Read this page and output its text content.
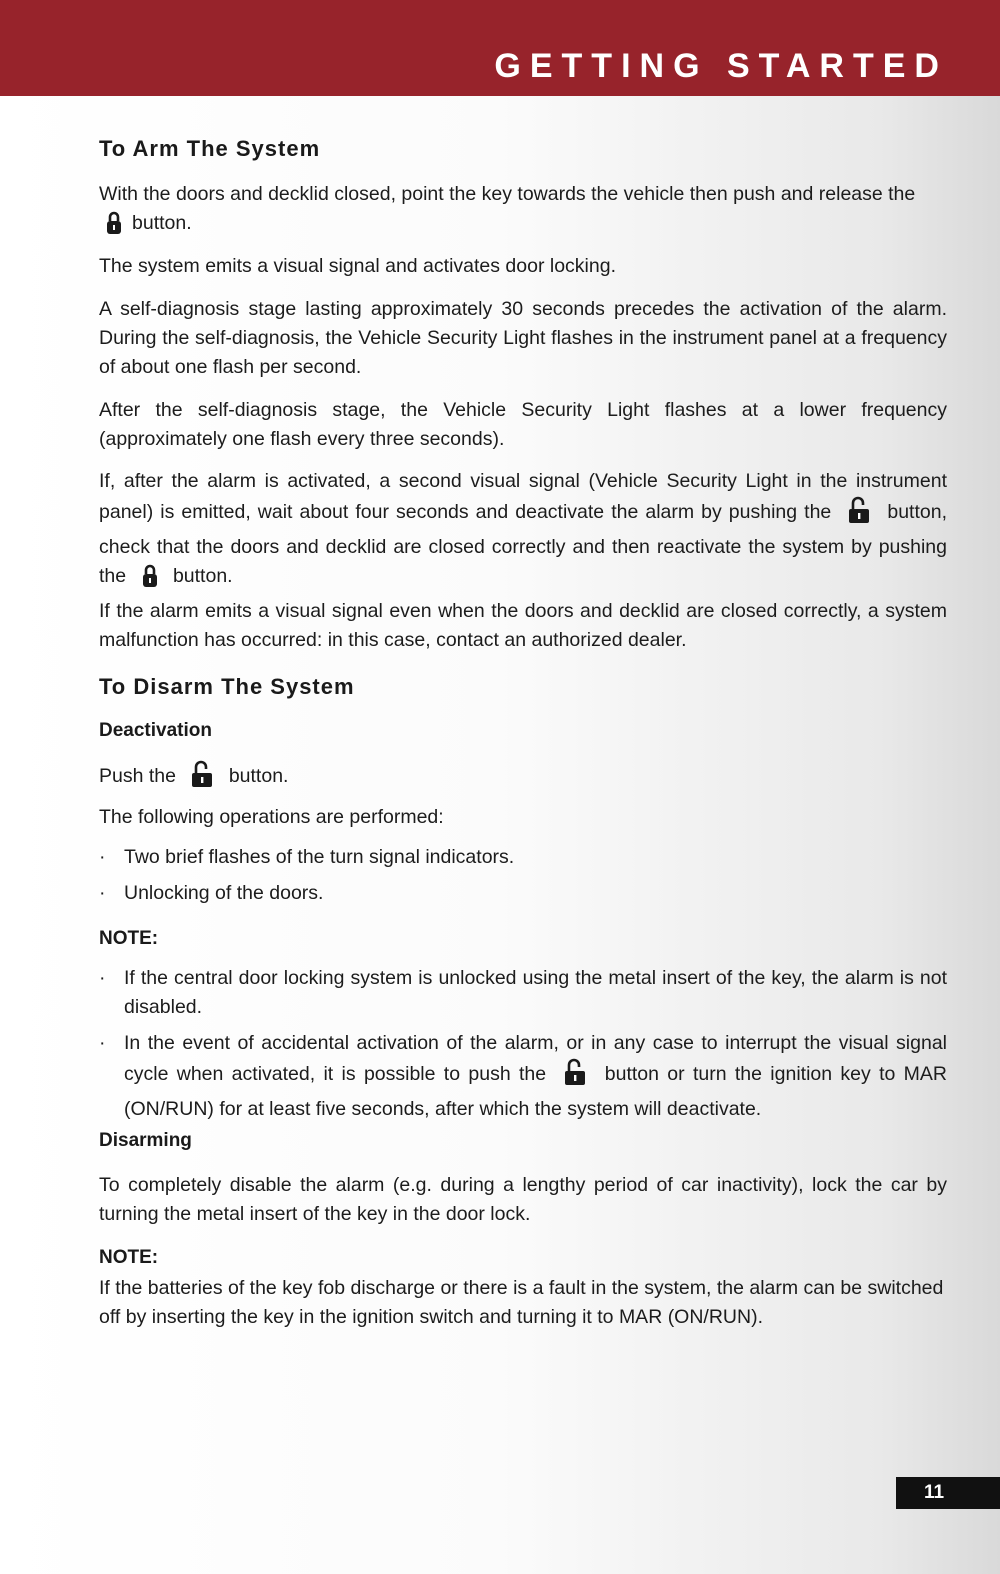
GETTING STARTED
To Arm The System

With the doors and decklid closed, point the key towards the vehicle then push and release the
button.

The system emits a visual signal and activates door locking.

A self-diagnosis stage lasting approximately 30 seconds precedes the activation of the alarm. During the self-diagnosis, the Vehicle Security Light flashes in the instrument panel at a frequency of about one flash per second.

After the self-diagnosis stage, the Vehicle Security Light flashes at a lower frequency (approximately one flash every three seconds).

If, after the alarm is activated, a second visual signal (Vehicle Security Light in the instrument panel) is emitted, wait about four seconds and deactivate the alarm by pushing the	button, check that the doors and decklid are closed correctly and then reactivate the system by pushing the button.

If the alarm emits a visual signal even when the doors and decklid are closed correctly, a system malfunction has occurred: in this case, contact an authorized dealer.

To Disarm The System
Deactivation

Push the	button.

The following operations are performed:

· Two brief flashes of the turn signal indicators.

· Unlocking of the doors.

NOTE:

· If the central door locking system is unlocked using the metal insert of the key, the alarm is not disabled.

· In the event of accidental activation of the alarm, or in any case to interrupt the visual signal cycle when activated, it is possible to push the	button or turn the ignition key to MAR (ON/RUN) for at least five seconds, after which the system will deactivate.

Disarming

To completely disable the alarm (e.g. during a lengthy period of car inactivity), lock the car by turning the metal insert of the key in the door lock.

NOTE:

If the batteries of the key fob discharge or there is a fault in the system, the alarm can be switched off by inserting the key in the ignition switch and turning it to MAR (ON/RUN).

11
